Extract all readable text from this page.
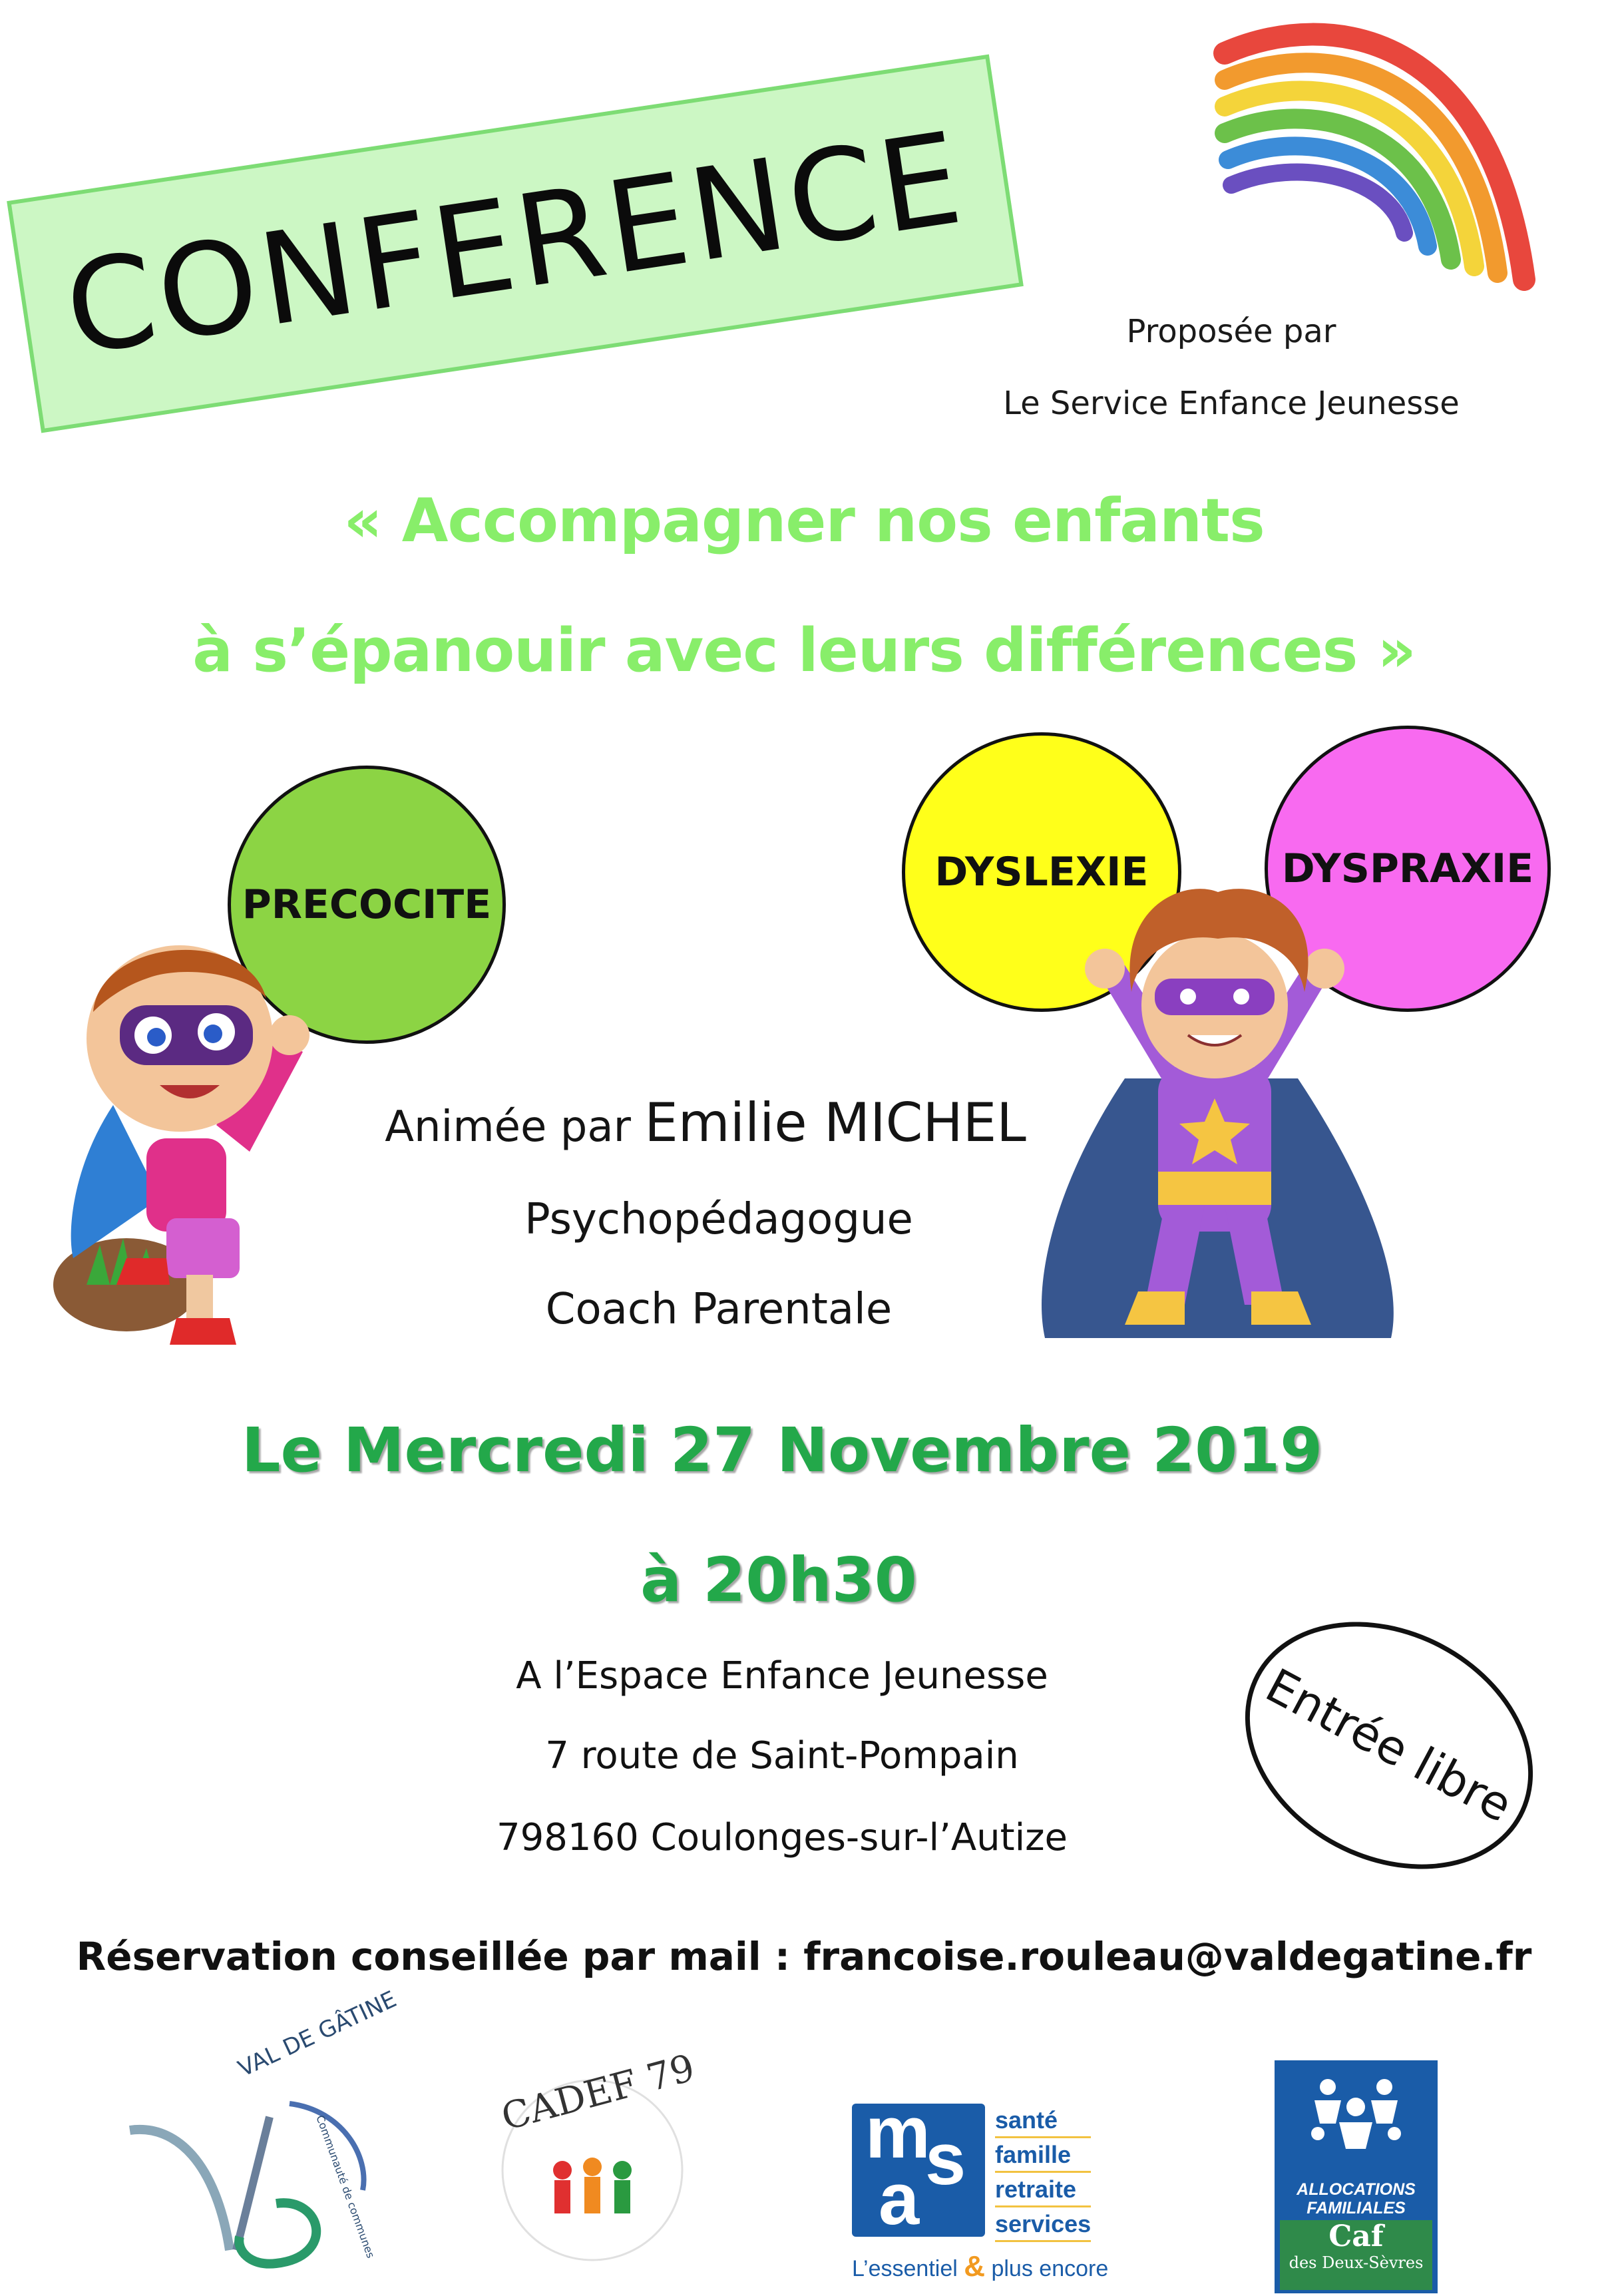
CONFERENCE	Proposée par
Le Service Enfance Jeunesse
« Accompagner nos enfants
à s’épanouir avec leurs différences »
PRECOCITE
DYSLEXIE	DYSPRAXIE
Animée par Emilie MICHEL
Psychopédagogue
Coach Parentale
Le Mercredi 27 Novembre 2019
à 20h30
A l’Espace Enfance Jeunesse
7 route de Saint-Pompain
798160 Coulonges-sur-l’Autize
Entrée libre
Réservation conseillée par mail : francoise.rouleau@valdegatine.fr
VAL DE GÂTINE
Communauté de communes
CADEF 79 m
s
a
santé
famille
retraite
services
L’essentiel & plus encore
ALLOCATIONS
FAMILIALES
Caf
des Deux-Sèvres
